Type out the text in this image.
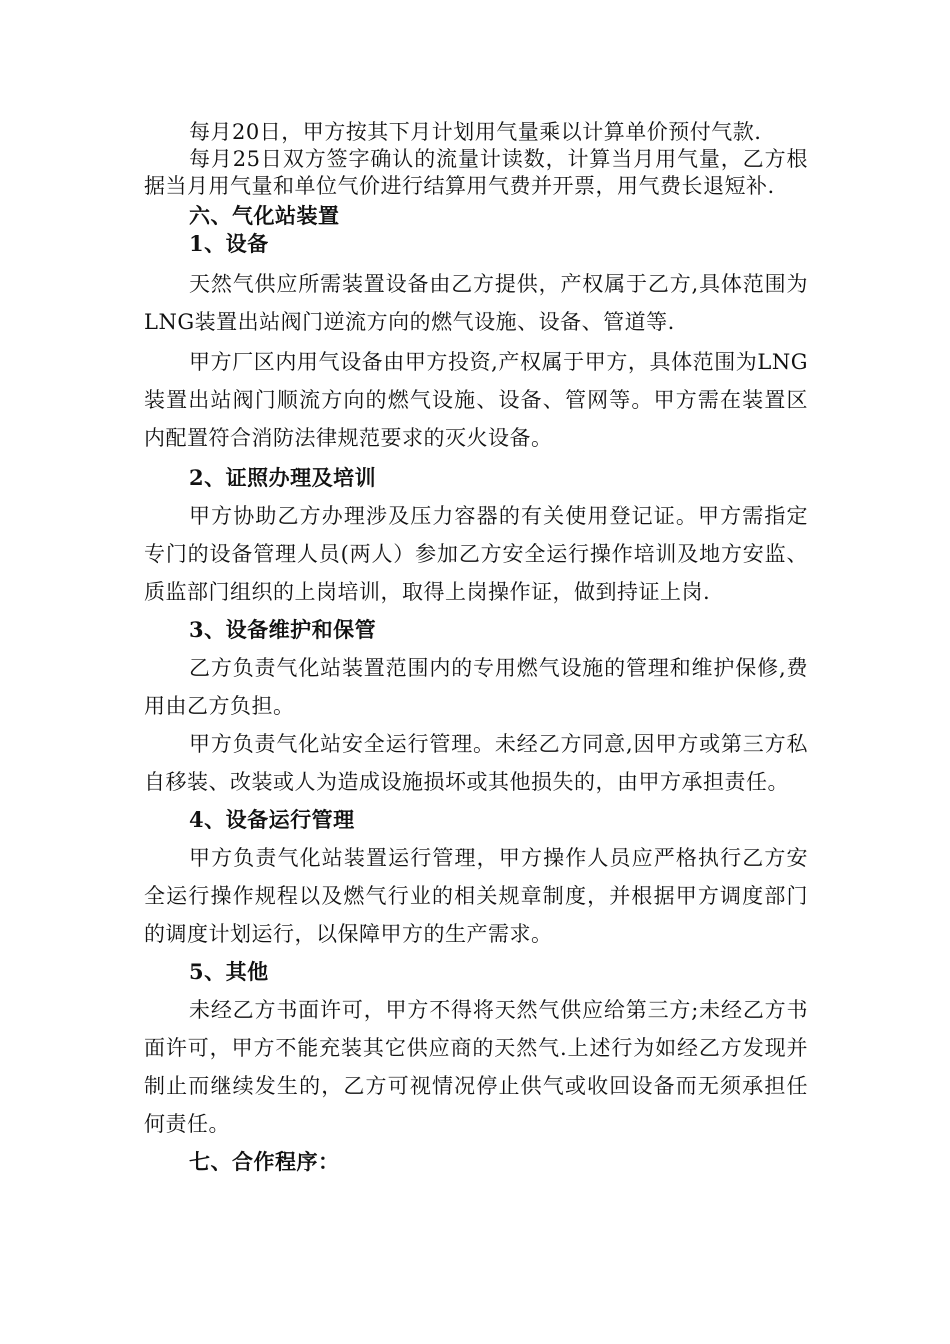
每月20日，甲方按其下月计划用气量乘以计算单价预付气款.

每月25日双方签字确认的流量计读数，计算当月用气量，乙方根据当月用气量和单位气价进行结算用气费并开票，用气费长退短补.

六、气化站装置

1、设备

天然气供应所需装置设备由乙方提供，产权属于乙方,具体范围为LNG装置出站阀门逆流方向的燃气设施、设备、管道等.

甲方厂区内用气设备由甲方投资,产权属于甲方，具体范围为LNG装置出站阀门顺流方向的燃气设施、设备、管网等。甲方需在装置区内配置符合消防法律规范要求的灭火设备。

2、证照办理及培训

甲方协助乙方办理涉及压力容器的有关使用登记证。甲方需指定专门的设备管理人员(两人）参加乙方安全运行操作培训及地方安监、质监部门组织的上岗培训，取得上岗操作证，做到持证上岗.

3、设备维护和保管

乙方负责气化站装置范围内的专用燃气设施的管理和维护保修,费用由乙方负担。

甲方负责气化站安全运行管理。未经乙方同意,因甲方或第三方私自移装、改装或人为造成设施损坏或其他损失的，由甲方承担责任。

4、设备运行管理

甲方负责气化站装置运行管理，甲方操作人员应严格执行乙方安全运行操作规程以及燃气行业的相关规章制度，并根据甲方调度部门的调度计划运行，以保障甲方的生产需求。

5、其他

未经乙方书面许可，甲方不得将天然气供应给第三方;未经乙方书面许可，甲方不能充装其它供应商的天然气.上述行为如经乙方发现并制止而继续发生的，乙方可视情况停止供气或收回设备而无须承担任何责任。

七、合作程序：
